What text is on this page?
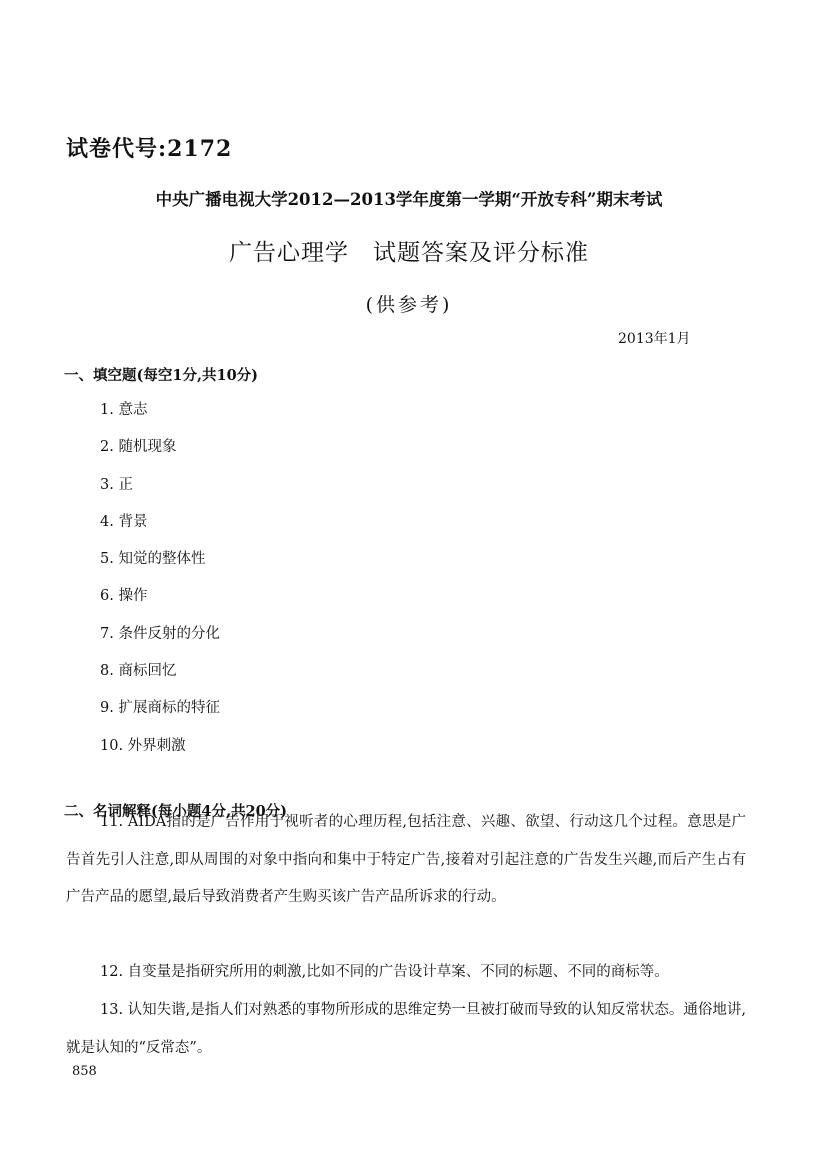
试卷代号:2172
中央广播电视大学2012—2013学年度第一学期“开放专科”期末考试
广告心理学　试题答案及评分标准
(供参考)
2013年1月
一、填空题(每空1分,共10分)
1. 意志
2. 随机现象
3. 正
4. 背景
5. 知觉的整体性
6. 操作
7. 条件反射的分化
8. 商标回忆
9. 扩展商标的特征
10. 外界刺激
二、名词解释(每小题4分,共20分)
11. AIDA指的是广告作用于视听者的心理历程,包括注意、兴趣、欲望、行动这几个过程。意思是广告首先引人注意,即从周围的对象中指向和集中于特定广告,接着对引起注意的广告发生兴趣,而后产生占有广告产品的愿望,最后导致消费者产生购买该广告产品所诉求的行动。
12. 自变量是指研究所用的刺激,比如不同的广告设计草案、不同的标题、不同的商标等。
13. 认知失谐,是指人们对熟悉的事物所形成的思维定势一旦被打破而导致的认知反常状态。通俗地讲,就是认知的“反常态”。
858
